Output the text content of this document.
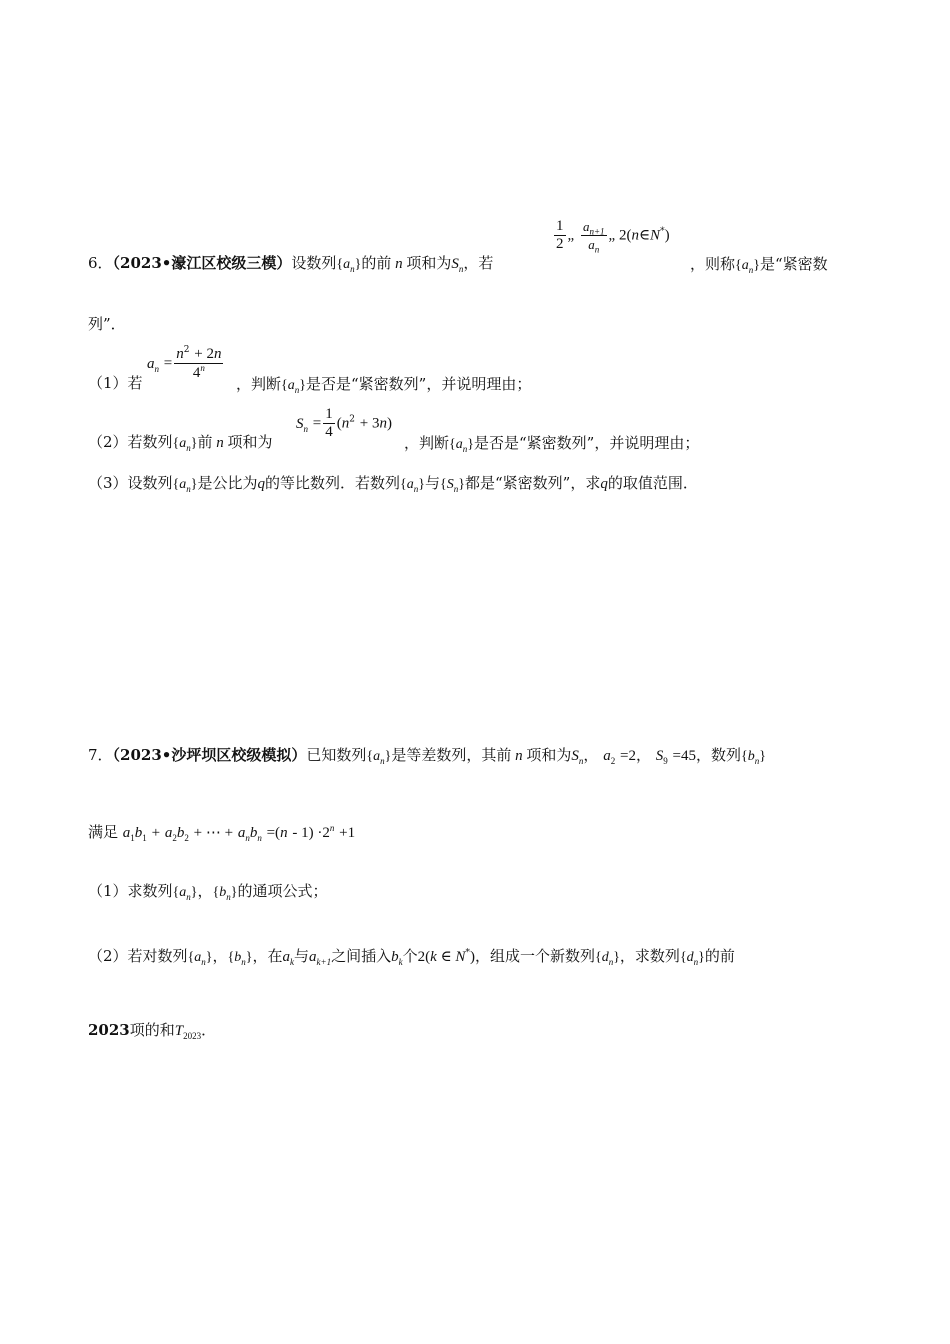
6．（2023•濠江区校级三模）设数列$\{a_n\}$的前 n 项和为$S_n$，若
$\frac{1}{2}$ „ $\frac{a_{n+1}}{a_n}$ „ 2(n∈N*)
，则称$\{a_n\}$是“紧密数
列”．
（1）若
$a_n = \frac{n^2 + 2n}{4^n}$
，判断$\{a_n\}$是否是“紧密数列”，并说明理由；
（2）若数列$\{a_n\}$前 n 项和为
$S_n = \frac{1}{4} (n^2 + 3n)$
，判断$\{a_n\}$是否是“紧密数列”，并说明理由；
（3）设数列$\{a_n\}$是公比为q的等比数列．若数列$\{a_n\}$与$\{S_n\}$都是“紧密数列”，求q的取值范围．
7．（2023•沙坪坝区校级模拟）已知数列$\{a_n\}$是等差数列，其前 n 项和为$S_n$， $a_2 =2$， $S_9 =45$，数列$\{b_n\}$
满足 $a_1b_1 + a_2b_2$ + ⋯ + $a_nb_n =(n - 1) \cdot 2^n +1$
（1）求数列$\{a_n\}$，$\{b_n\}$的通项公式；
（2）若对数列$\{a_n\}$，$\{b_n\}$，在$a_k$与$a_{k+1}$之间插入$b_k$个2(k ∈ N*)，组成一个新数列$\{d_n\}$，求数列$\{d_n\}$的前
2023项的和$T_{2023}$．
